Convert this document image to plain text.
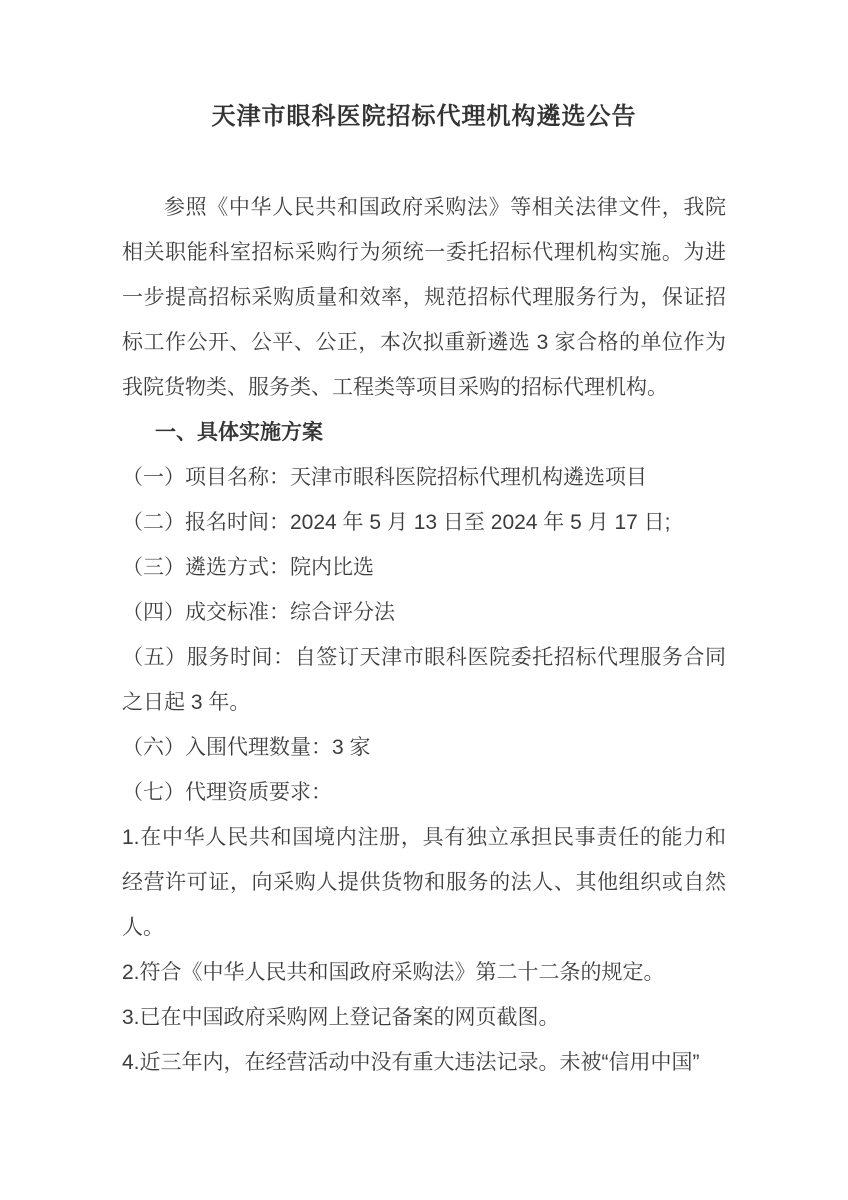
天津市眼科医院招标代理机构遴选公告

参照《中华人民共和国政府采购法》等相关法律文件，我院相关职能科室招标采购行为须统一委托招标代理机构实施。为进一步提高招标采购质量和效率，规范招标代理服务行为，保证招标工作公开、公平、公正，本次拟重新遴选 3 家合格的单位作为我院货物类、服务类、工程类等项目采购的招标代理机构。

一、具体实施方案

（一）项目名称：天津市眼科医院招标代理机构遴选项目

（二）报名时间：2024 年 5 月 13 日至 2024 年 5 月 17 日;

（三）遴选方式：院内比选

（四）成交标准：综合评分法

（五）服务时间：自签订天津市眼科医院委托招标代理服务合同之日起 3 年。

（六）入围代理数量：3 家

（七）代理资质要求：

1.在中华人民共和国境内注册，具有独立承担民事责任的能力和经营许可证，向采购人提供货物和服务的法人、其他组织或自然人。

2.符合《中华人民共和国政府采购法》第二十二条的规定。

3.已在中国政府采购网上登记备案的网页截图。

4.近三年内，在经营活动中没有重大违法记录。未被“信用中国”
